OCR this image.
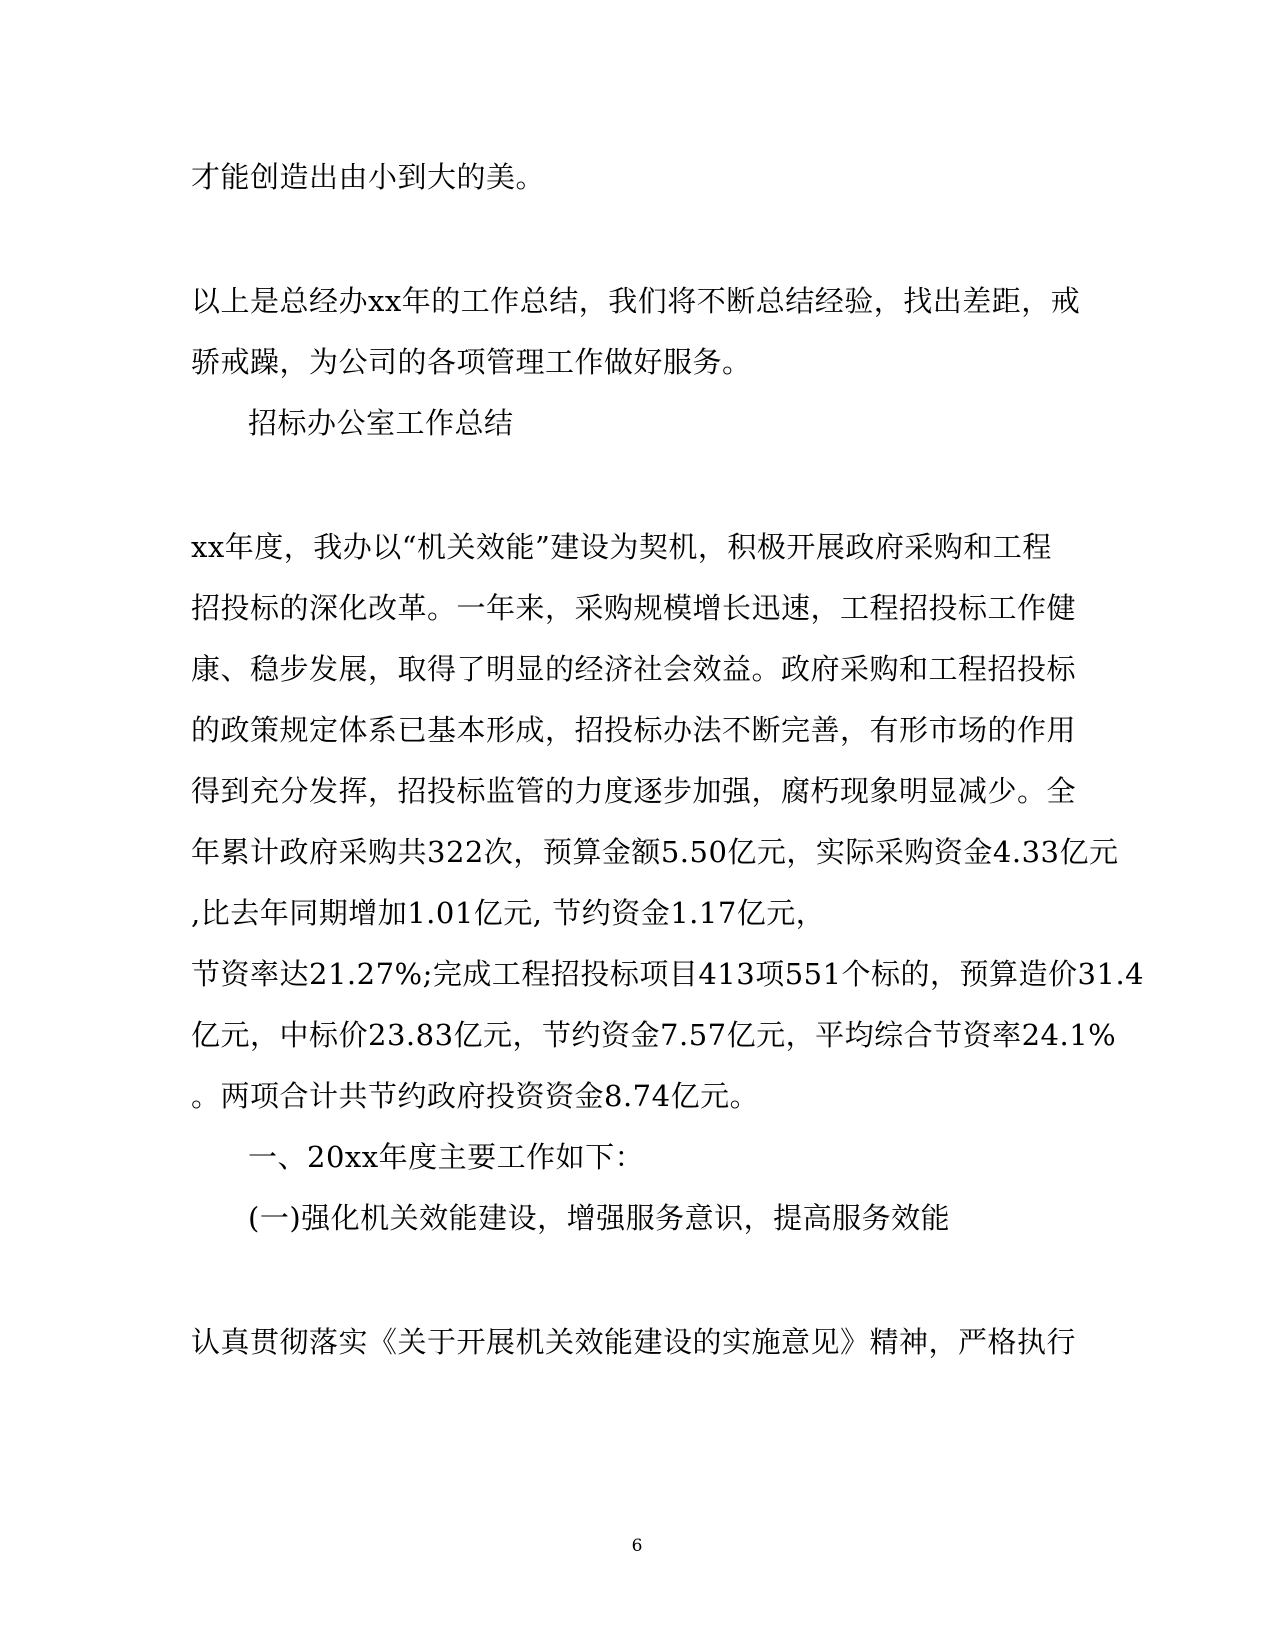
才能创造出由小到大的美。
以上是总经办xx年的工作总结，我们将不断总结经验，找出差距，戒
骄戒躁，为公司的各项管理工作做好服务。
招标办公室工作总结
xx年度，我办以“机关效能”建设为契机，积极开展政府采购和工程
招投标的深化改革。一年来，采购规模增长迅速，工程招投标工作健
康、稳步发展，取得了明显的经济社会效益。政府采购和工程招投标
的政策规定体系已基本形成，招投标办法不断完善，有形市场的作用
得到充分发挥，招投标监管的力度逐步加强，腐朽现象明显减少。全
年累计政府采购共322次，预算金额5.50亿元，实际采购资金4.33亿元
,比去年同期增加1.01亿元, 节约资金1.17亿元，
节资率达21.27%;完成工程招投标项目413项551个标的，预算造价31.4
亿元，中标价23.83亿元，节约资金7.57亿元，平均综合节资率24.1%
。两项合计共节约政府投资资金8.74亿元。
一、20xx年度主要工作如下：
(一)强化机关效能建设，增强服务意识，提高服务效能
认真贯彻落实《关于开展机关效能建设的实施意见》精神，严格执行
6
